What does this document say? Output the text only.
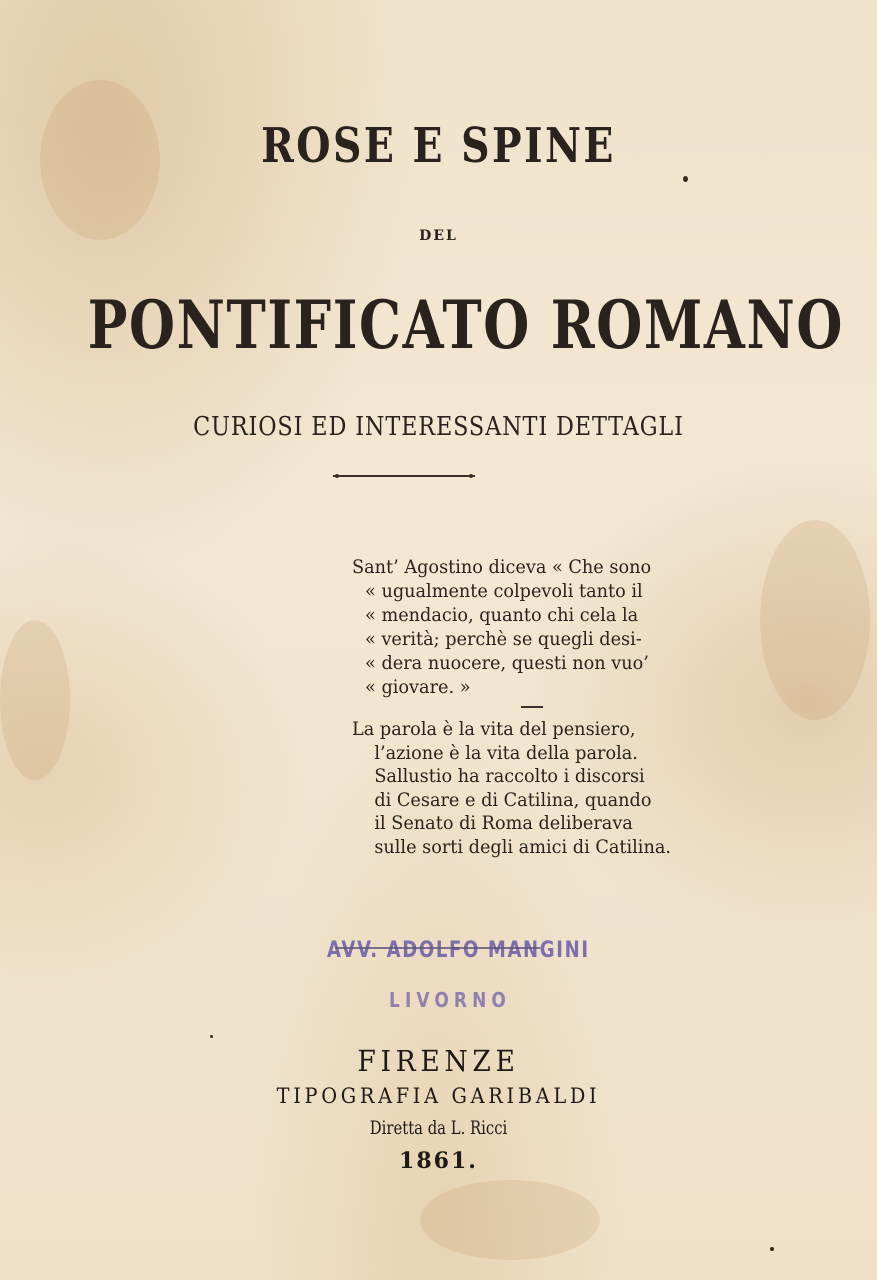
ROSE E SPINE
DEL
PONTIFICATO ROMANO
CURIOSI ED INTERESSANTI DETTAGLI
Sant’ Agostino diceva « Che sono
« ugualmente colpevoli tanto il
« mendacio, quanto chi cela la
« verità; perchè se quegli desi-
« dera nuocere, questi non vuo’
« giovare. »
La parola è la vita del pensiero,
l’azione è la vita della parola.
Sallustio ha raccolto i discorsi
di Cesare e di Catilina, quando
il Senato di Roma deliberava
sulle sorti degli amici di Catilina.
AVV. ADOLFO MANGINI
LIVORNO
FIRENZE
TIPOGRAFIA GARIBALDI
Diretta da L. Ricci
1861.
